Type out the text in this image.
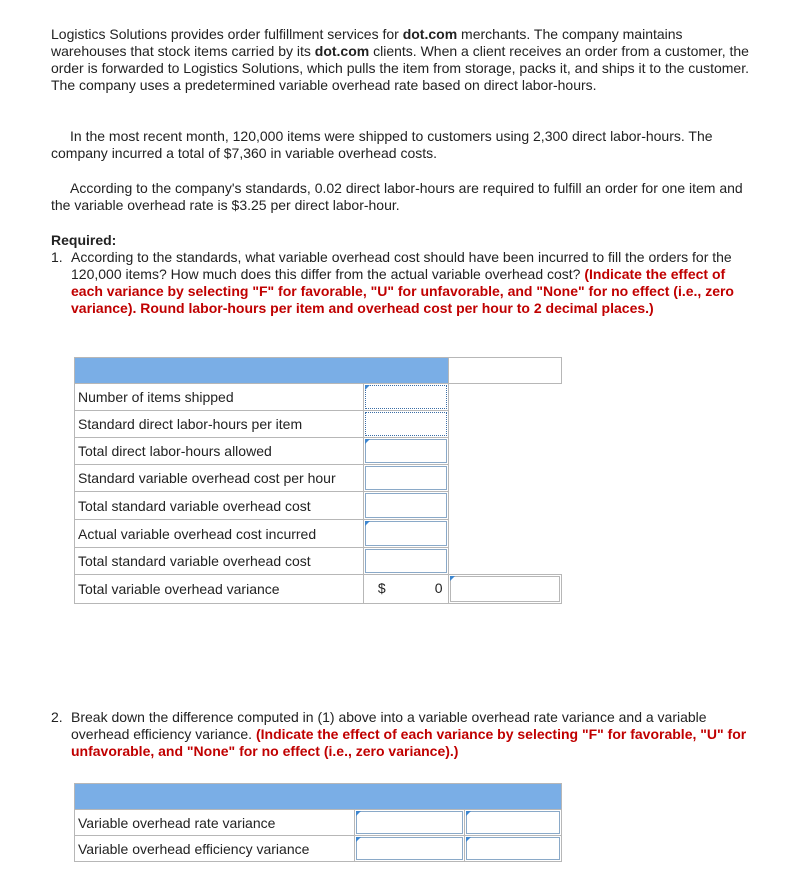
Logistics Solutions provides order fulfillment services for dot.com merchants. The company maintains warehouses that stock items carried by its dot.com clients. When a client receives an order from a customer, the order is forwarded to Logistics Solutions, which pulls the item from storage, packs it, and ships it to the customer. The company uses a predetermined variable overhead rate based on direct labor-hours.
In the most recent month, 120,000 items were shipped to customers using 2,300 direct labor-hours. The company incurred a total of $7,360 in variable overhead costs.
According to the company's standards, 0.02 direct labor-hours are required to fulfill an order for one item and the variable overhead rate is $3.25 per direct labor-hour.
Required:
1. According to the standards, what variable overhead cost should have been incurred to fill the orders for the 120,000 items? How much does this differ from the actual variable overhead cost? (Indicate the effect of each variance by selecting "F" for favorable, "U" for unfavorable, and "None" for no effect (i.e., zero variance). Round labor-hours per item and overhead cost per hour to 2 decimal places.)

Number of items shipped	

Standard direct labor-hours per item	

Total direct labor-hours allowed	

Standard variable overhead cost per hour	

Total standard variable overhead cost	

Actual variable overhead cost incurred	

Total standard variable overhead cost	

Total variable overhead variance	$ 0	

2. Break down the difference computed in (1) above into a variable overhead rate variance and a variable overhead efficiency variance. (Indicate the effect of each variance by selecting "F" for favorable, "U" for unfavorable, and "None" for no effect (i.e., zero variance).)

Variable overhead rate variance	

Variable overhead efficiency variance	
